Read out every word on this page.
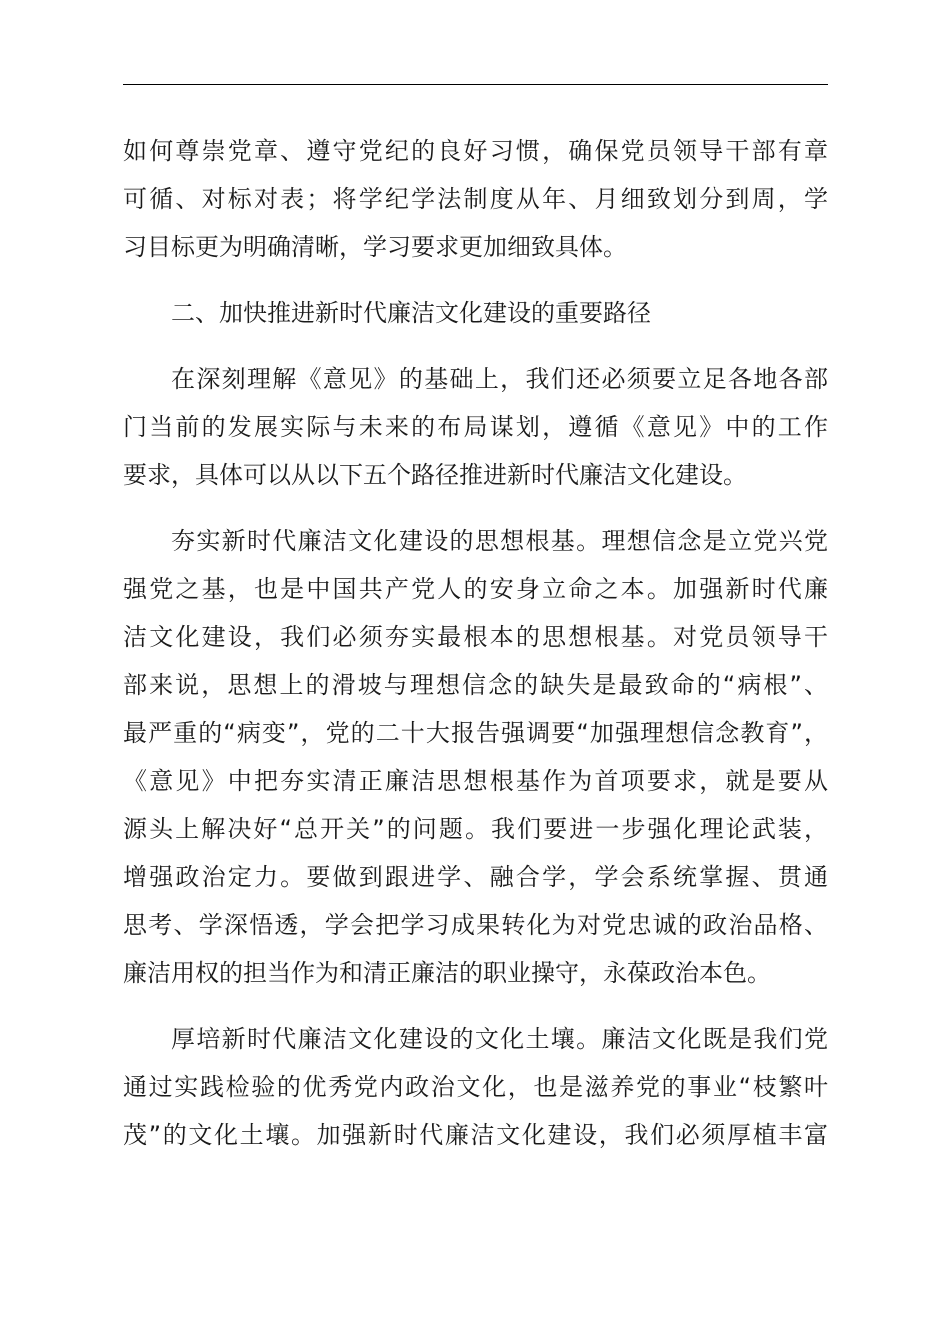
如何尊崇党章、遵守党纪的良好习惯，确保党员领导干部有章
可循、对标对表；将学纪学法制度从年、月细致划分到周，学
习目标更为明确清晰，学习要求更加细致具体。
二、加快推进新时代廉洁文化建设的重要路径
在深刻理解《意见》的基础上，我们还必须要立足各地各部
门当前的发展实际与未来的布局谋划，遵循《意见》中的工作
要求，具体可以从以下五个路径推进新时代廉洁文化建设。
夯实新时代廉洁文化建设的思想根基。理想信念是立党兴党
强党之基，也是中国共产党人的安身立命之本。加强新时代廉
洁文化建设，我们必须夯实最根本的思想根基。对党员领导干
部来说，思想上的滑坡与理想信念的缺失是最致命的“病根”、
最严重的“病变”，党的二十大报告强调要“加强理想信念教育”，
《意见》中把夯实清正廉洁思想根基作为首项要求，就是要从
源头上解决好“总开关”的问题。我们要进一步强化理论武装，
增强政治定力。要做到跟进学、融合学，学会系统掌握、贯通
思考、学深悟透，学会把学习成果转化为对党忠诚的政治品格、
廉洁用权的担当作为和清正廉洁的职业操守，永葆政治本色。
厚培新时代廉洁文化建设的文化土壤。廉洁文化既是我们党
通过实践检验的优秀党内政治文化，也是滋养党的事业“枝繁叶
茂”的文化土壤。加强新时代廉洁文化建设，我们必须厚植丰富
